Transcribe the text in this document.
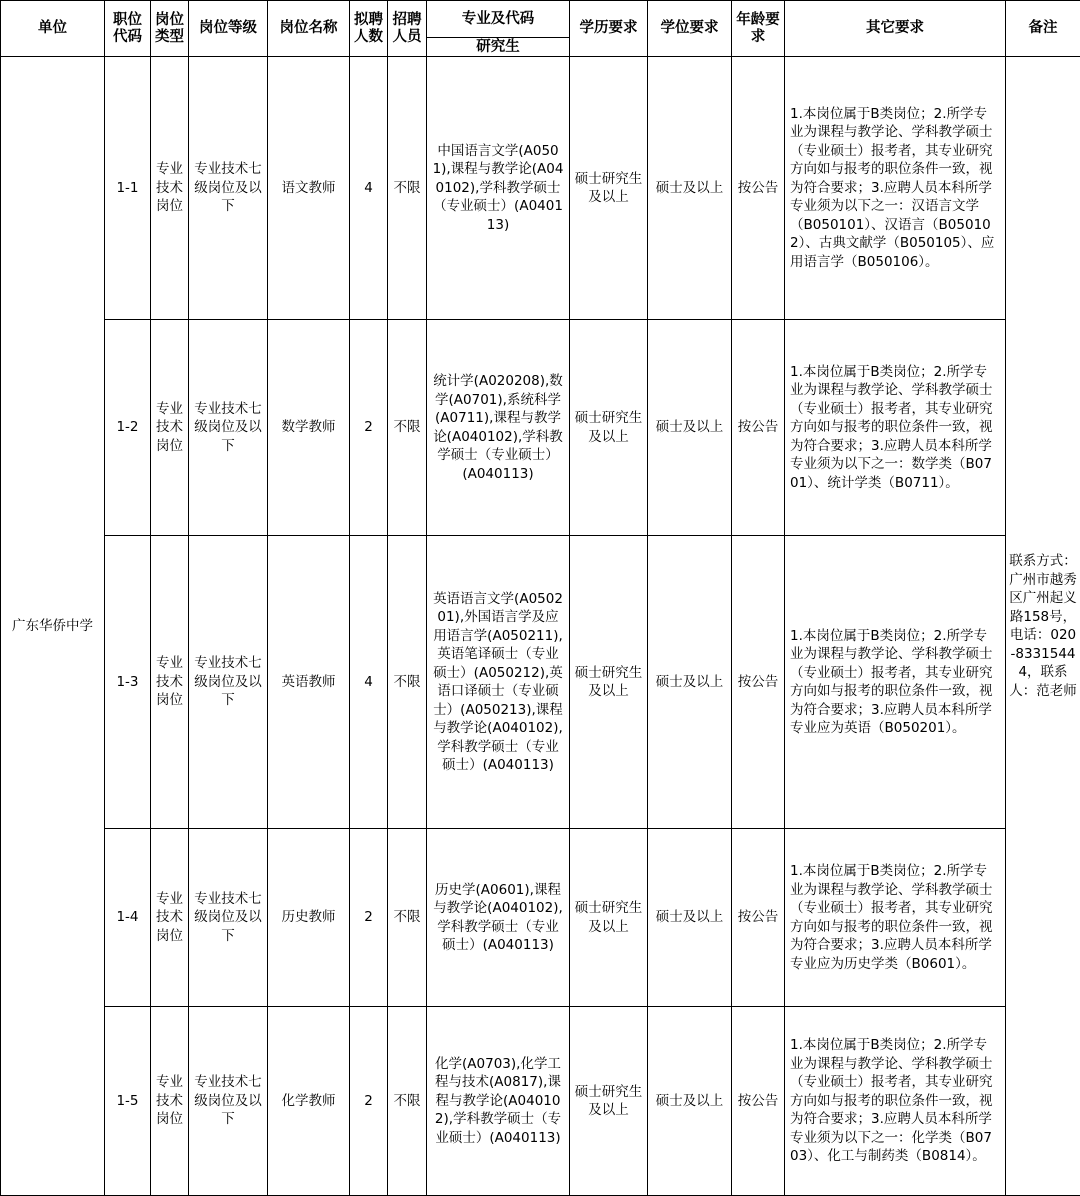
单位	职位代码	岗位类型	岗位等级	岗位名称	拟聘人数	招聘人员	专业及代码	学历要求	学位要求	年龄要求	其它要求	备注
							研究生					
广东华侨中学	1-1	专业技术岗位	专业技术七级岗位及以下	语文教师	4	不限	中国语言文学(A0501),课程与教学论(A040102),学科教学硕士（专业硕士）(A040113)	硕士研究生及以上	硕士及以上	按公告	1.本岗位属于B类岗位；2.所学专业为课程与教学论、学科教学硕士（专业硕士）报考者，其专业研究方向如与报考的职位条件一致，视为符合要求；3.应聘人员本科所学专业须为以下之一：汉语言文学（B050101）、汉语言（B050102）、古典文献学（B050105）、应用语言学（B050106）。	联系方式：广州市越秀区广州起义路158号，电话：020-83315444，联系人：范老师
	1-2	专业技术岗位	专业技术七级岗位及以下	数学教师	2	不限	统计学(A020208),数学(A0701),系统科学(A0711),课程与教学论(A040102),学科教学硕士（专业硕士）(A040113)	硕士研究生及以上	硕士及以上	按公告	1.本岗位属于B类岗位；2.所学专业为课程与教学论、学科教学硕士（专业硕士）报考者，其专业研究方向如与报考的职位条件一致，视为符合要求；3.应聘人员本科所学专业须为以下之一：数学类（B0701）、统计学类（B0711）。	
	1-3	专业技术岗位	专业技术七级岗位及以下	英语教师	4	不限	英语语言文学(A050201),外国语言学及应用语言学(A050211),英语笔译硕士（专业硕士）(A050212),英语口译硕士（专业硕士）(A050213),课程与教学论(A040102),学科教学硕士（专业硕士）(A040113)	硕士研究生及以上	硕士及以上	按公告	1.本岗位属于B类岗位；2.所学专业为课程与教学论、学科教学硕士（专业硕士）报考者，其专业研究方向如与报考的职位条件一致，视为符合要求；3.应聘人员本科所学专业应为英语（B050201）。	
	1-4	专业技术岗位	专业技术七级岗位及以下	历史教师	2	不限	历史学(A0601),课程与教学论(A040102),学科教学硕士（专业硕士）(A040113)	硕士研究生及以上	硕士及以上	按公告	1.本岗位属于B类岗位；2.所学专业为课程与教学论、学科教学硕士（专业硕士）报考者，其专业研究方向如与报考的职位条件一致，视为符合要求；3.应聘人员本科所学专业应为历史学类（B0601）。	
	1-5	专业技术岗位	专业技术七级岗位及以下	化学教师	2	不限	化学(A0703),化学工程与技术(A0817),课程与教学论(A040102),学科教学硕士（专业硕士）(A040113)	硕士研究生及以上	硕士及以上	按公告	1.本岗位属于B类岗位；2.所学专业为课程与教学论、学科教学硕士（专业硕士）报考者，其专业研究方向如与报考的职位条件一致，视为符合要求；3.应聘人员本科所学专业须为以下之一：化学类（B0703）、化工与制药类（B0814）。	
